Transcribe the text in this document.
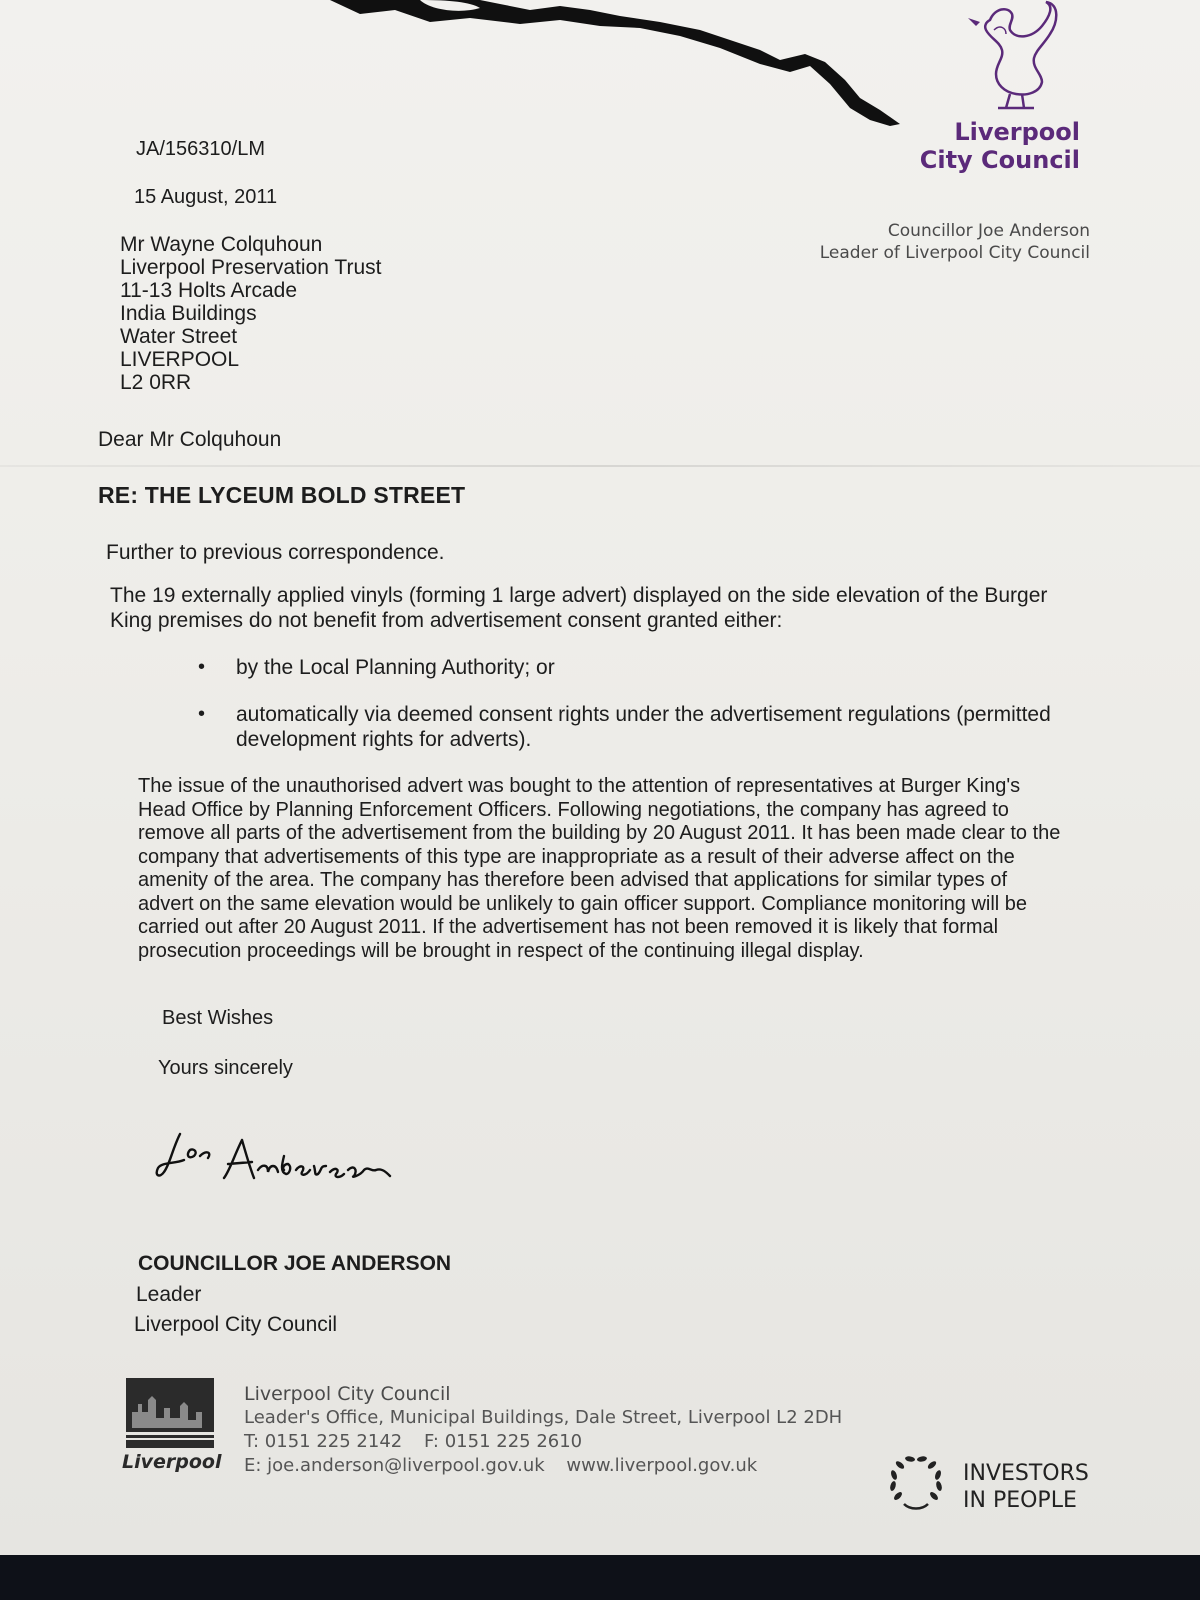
Liverpool
City Council
Councillor Joe Anderson
Leader of Liverpool City Council
JA/156310/LM
15 August, 2011
Mr Wayne Colquhoun
Liverpool Preservation Trust
11-13 Holts Arcade
India Buildings
Water Street
LIVERPOOL
L2 0RR
Dear Mr Colquhoun
RE: THE LYCEUM BOLD STREET
Further to previous correspondence.
The 19 externally applied vinyls (forming 1 large advert) displayed on the side elevation of the Burger King premises do not benefit from advertisement consent granted either:
• by the Local Planning Authority; or
• automatically via deemed consent rights under the advertisement regulations (permitted development rights for adverts).
The issue of the unauthorised advert was bought to the attention of representatives at Burger King's Head Office by Planning Enforcement Officers. Following negotiations, the company has agreed to remove all parts of the advertisement from the building by 20 August 2011. It has been made clear to the company that advertisements of this type are inappropriate as a result of their adverse affect on the amenity of the area. The company has therefore been advised that applications for similar types of advert on the same elevation would be unlikely to gain officer support. Compliance monitoring will be carried out after 20 August 2011. If the advertisement has not been removed it is likely that formal prosecution proceedings will be brought in respect of the continuing illegal display.
Best Wishes
Yours sincerely
COUNCILLOR JOE ANDERSON
Leader
Liverpool City Council
Liverpool
Liverpool City Council
Leader's Office, Municipal Buildings, Dale Street, Liverpool L2 2DH
T: 0151 225 2142 F: 0151 225 2610
E: joe.anderson@liverpool.gov.uk www.liverpool.gov.uk	INVESTORS
IN PEOPLE
